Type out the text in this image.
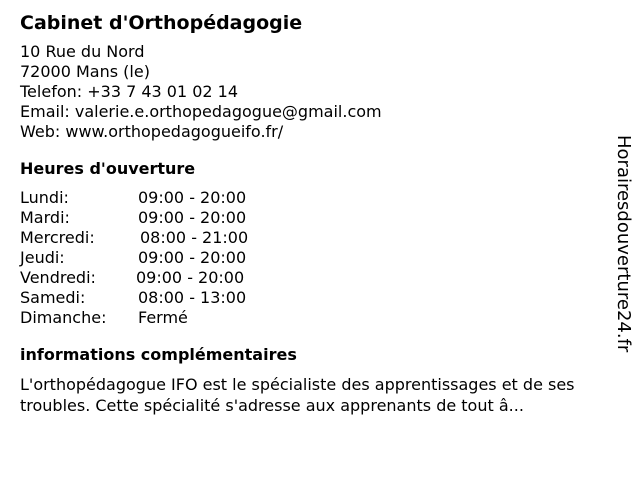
Cabinet d'Orthopédagogie
10 Rue du Nord
72000 Mans (le)
Telefon: +33 7 43 01 02 14
Email: valerie.e.orthopedagogue@gmail.com
Web: www.orthopedagogueifo.fr/
Heures d'ouverture
Lundi:	09:00 - 20:00
Mardi:	09:00 - 20:00
Mercredi:	08:00 - 21:00
Jeudi:	09:00 - 20:00
Vendredi:	09:00 - 20:00
Samedi:	08:00 - 13:00
Dimanche: Fermé
informations complémentaires
L'orthopédagogue IFO est le spécialiste des apprentissages et de ses troubles. Cette spécialité s'adresse aux apprenants de tout â...
Horairesdouverture24.fr
